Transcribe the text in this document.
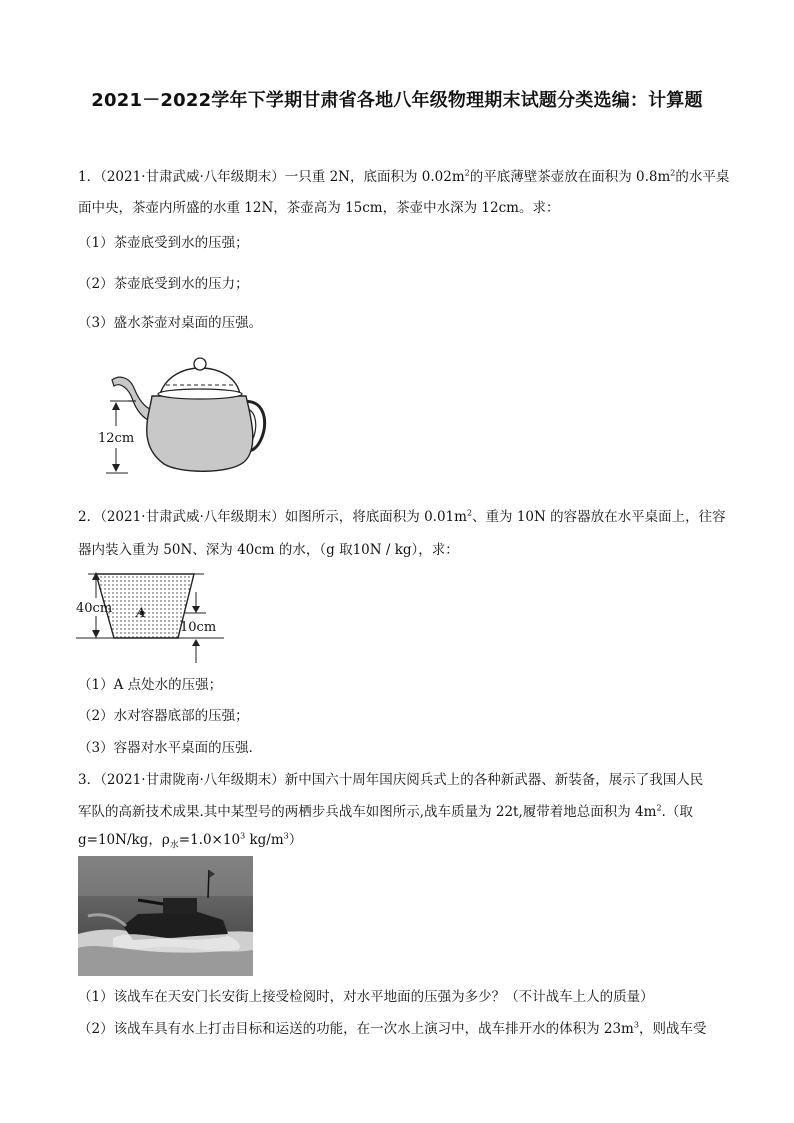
2021－2022学年下学期甘肃省各地八年级物理期末试题分类选编：计算题
1．（2021·甘肃武威·八年级期末）一只重 2N，底面积为 $0.02m^2$的平底薄壁茶壶放在面积为 $0.8m^2$的水平桌
面中央，茶壶内所盛的水重 12N，茶壶高为 15cm，茶壶中水深为 12cm。求：
（1）茶壶底受到水的压强；
（2）茶壶底受到水的压力；
（3）盛水茶壶对桌面的压强。
12cm
2．（2021·甘肃武威·八年级期末）如图所示，将底面积为 $0.01m^2$、重为 10N 的容器放在水平桌面上，往容
器内装入重为 50N、深为 40cm 的水，（g 取10N / kg），求：
A
40cm
10cm
（1）A 点处水的压强；
（2）水对容器底部的压强；
（3）容器对水平桌面的压强．
3．（2021·甘肃陇南·八年级期末）新中国六十周年国庆阅兵式上的各种新武器、新装备，展示了我国人民
军队的高新技术成果.其中某型号的两栖步兵战车如图所示,战车质量为 22t,履带着地总面积为 $4m^2$.（取
g=10N/kg，$\rho_水=1.0\times 10^3$ $kg/m^3$）
（1）该战车在天安门长安街上接受检阅时，对水平地面的压强为多少？（不计战车上人的质量）
（2）该战车具有水上打击目标和运送的功能，在一次水上演习中，战车排开水的体积为 $23m^3$，则战车受
